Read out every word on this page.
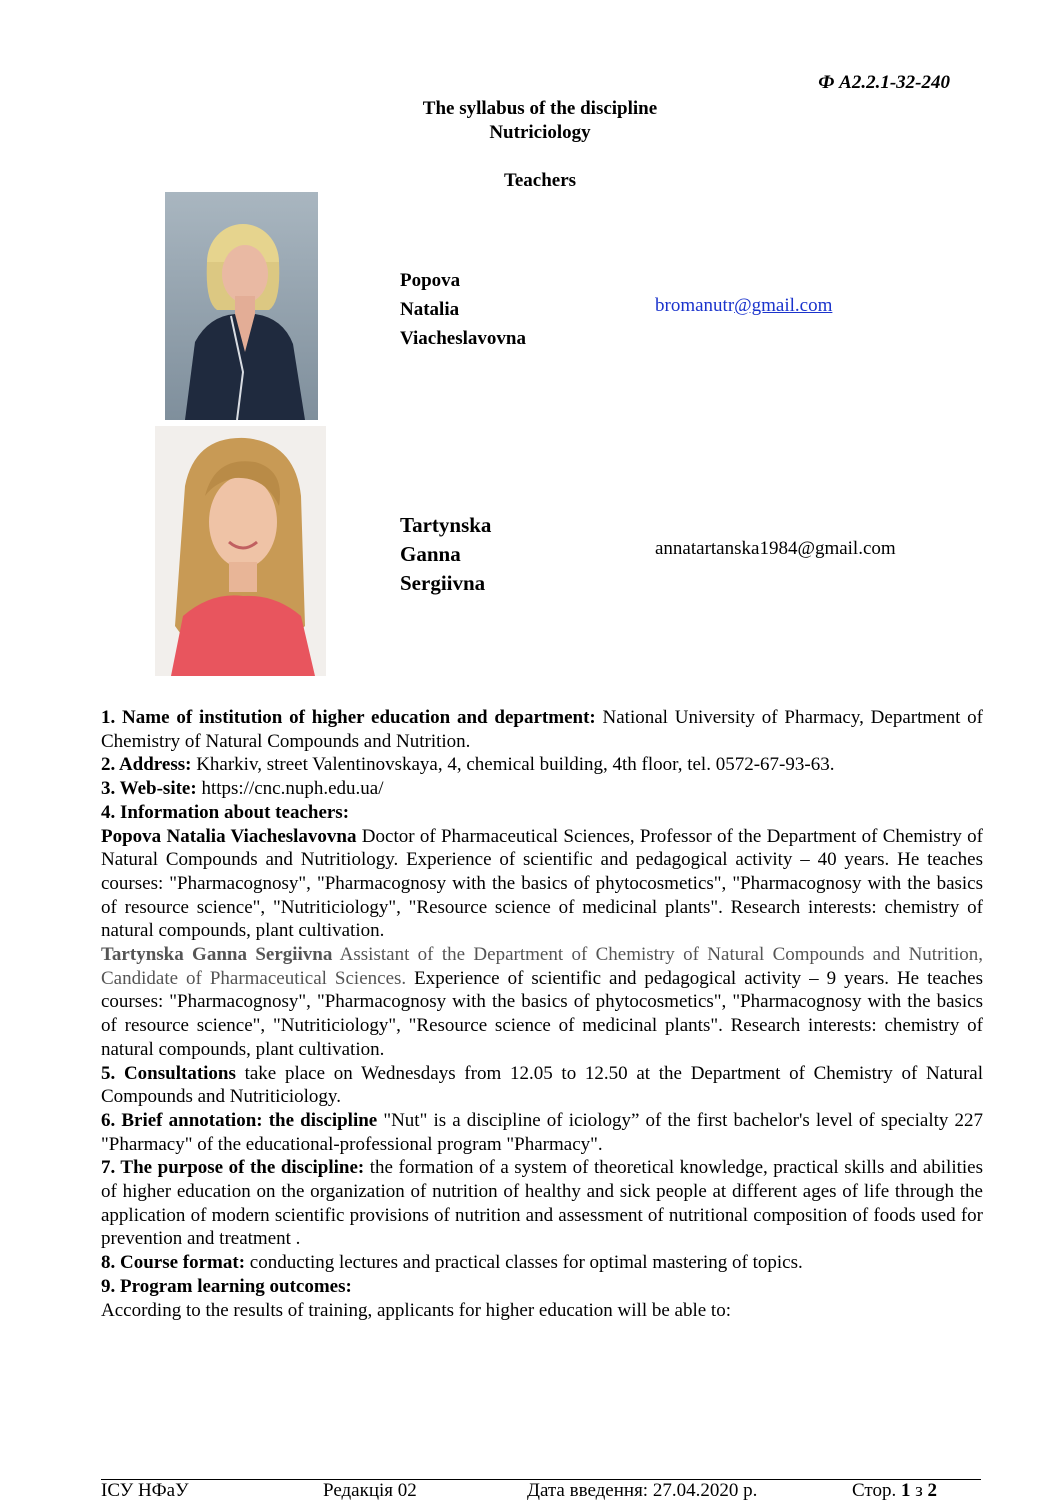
Ф А2.2.1-32-240
The syllabus of the discipline
Nutriciology
Teachers
Popova
Natalia
Viacheslavovna
bromanutr@gmail.com
Tartynska
Ganna
Sergiivna
annatartanska1984@gmail.com

1. Name of institution of higher education and department: National University of Pharmacy, Department of Chemistry of Natural Compounds and Nutrition.

2. Address: Kharkiv, street Valentinovskaya, 4, chemical building, 4th floor, tel. 0572-67-93-63.

3. Web-site: https://cnc.nuph.edu.ua/

4. Information about teachers:

Popova Natalia Viacheslavovna Doctor of Pharmaceutical Sciences, Professor of the Department of Chemistry of Natural Compounds and Nutritiology. Experience of scientific and pedagogical activity – 40 years. He teaches courses: "Pharmacognosy", "Pharmacognosy with the basics of phytocosmetics", "Pharmacognosy with the basics of resource science", "Nutriticiology", "Resource science of medicinal plants". Research interests: chemistry of natural compounds, plant cultivation.

Tartynska Ganna Sergiivna Assistant of the Department of Chemistry of Natural Compounds and Nutrition, Candidate of Pharmaceutical Sciences. Experience of scientific and pedagogical activity – 9 years. He teaches courses: "Pharmacognosy", "Pharmacognosy with the basics of phytocosmetics", "Pharmacognosy with the basics of resource science", "Nutriticiology", "Resource science of medicinal plants". Research interests: chemistry of natural compounds, plant cultivation.

5. Consultations take place on Wednesdays from 12.05 to 12.50 at the Department of Chemistry of Natural Compounds and Nutriticiology.

6. Brief annotation: the discipline "Nut" is a discipline of iciology” of the first bachelor's level of specialty 227 "Pharmacy" of the educational-professional program "Pharmacy".

7. The purpose of the discipline: the formation of a system of theoretical knowledge, practical skills and abilities of higher education on the organization of nutrition of healthy and sick people at different ages of life through the application of modern scientific provisions of nutrition and assessment of nutritional composition of foods used for prevention and treatment .

8. Course format: conducting lectures and practical classes for optimal mastering of topics.

9. Program learning outcomes:

According to the results of training, applicants for higher education will be able to:

ІСУ НФаУ	Редакція 02	Дата введення: 27.04.2020 р.	Стор. 1 з 2
